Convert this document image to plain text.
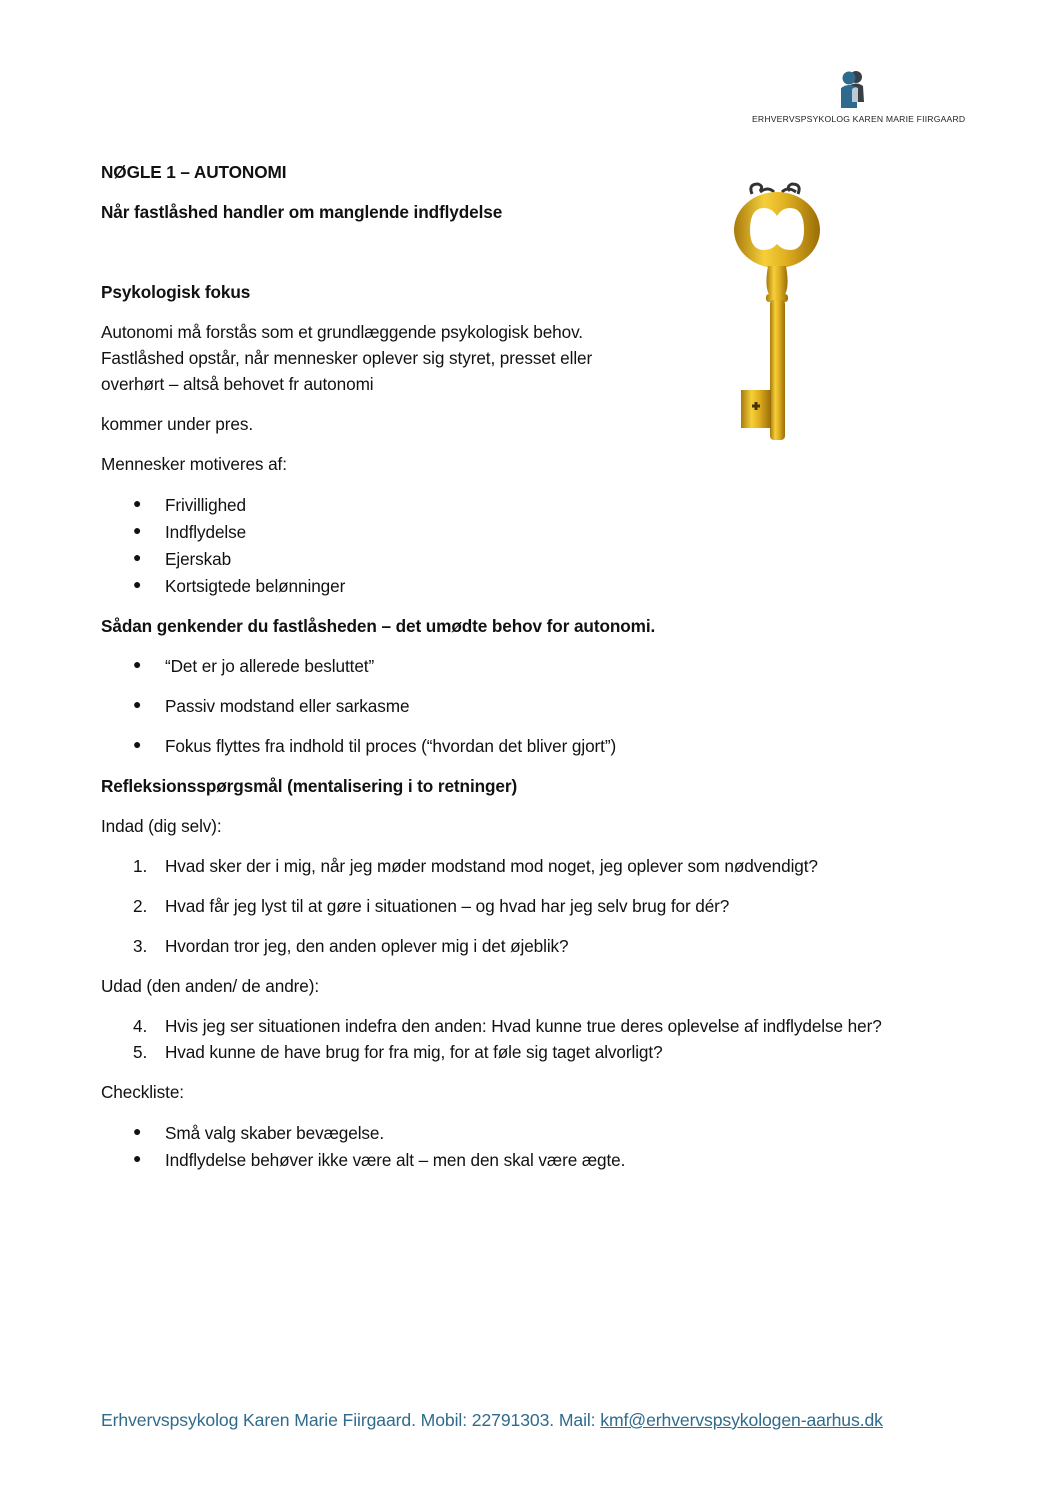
ERHVERVSPSYKOLOG KAREN MARIE FIIRGAARD
NØGLE 1 – AUTONOMI
Når fastlåshed handler om manglende indflydelse
Psykologisk fokus
Autonomi må forstås som et grundlæggende psykologisk behov.
Fastlåshed opstår, når mennesker oplever sig styret, presset eller
overhørt – altså behovet fr autonomi
kommer under pres.
Mennesker motiveres af:
● Frivillighed
● Indflydelse
● Ejerskab
● Kortsigtede belønninger
Sådan genkender du fastlåsheden – det umødte behov for autonomi.
● “Det er jo allerede besluttet”
● Passiv modstand eller sarkasme
● Fokus flyttes fra indhold til proces (“hvordan det bliver gjort”)
Refleksionsspørgsmål (mentalisering i to retninger)
Indad (dig selv):
1. Hvad sker der i mig, når jeg møder modstand mod noget, jeg oplever som nødvendigt?
2. Hvad får jeg lyst til at gøre i situationen – og hvad har jeg selv brug for dér?
3. Hvordan tror jeg, den anden oplever mig i det øjeblik?
Udad (den anden/ de andre):
4. Hvis jeg ser situationen indefra den anden: Hvad kunne true deres oplevelse af indflydelse her?
5. Hvad kunne de have brug for fra mig, for at føle sig taget alvorligt?
Checkliste:
● Små valg skaber bevægelse.
● Indflydelse behøver ikke være alt – men den skal være ægte.
Erhvervspsykolog Karen Marie Fiirgaard. Mobil: 22791303. Mail: kmf@erhvervspsykologen-aarhus.dk
